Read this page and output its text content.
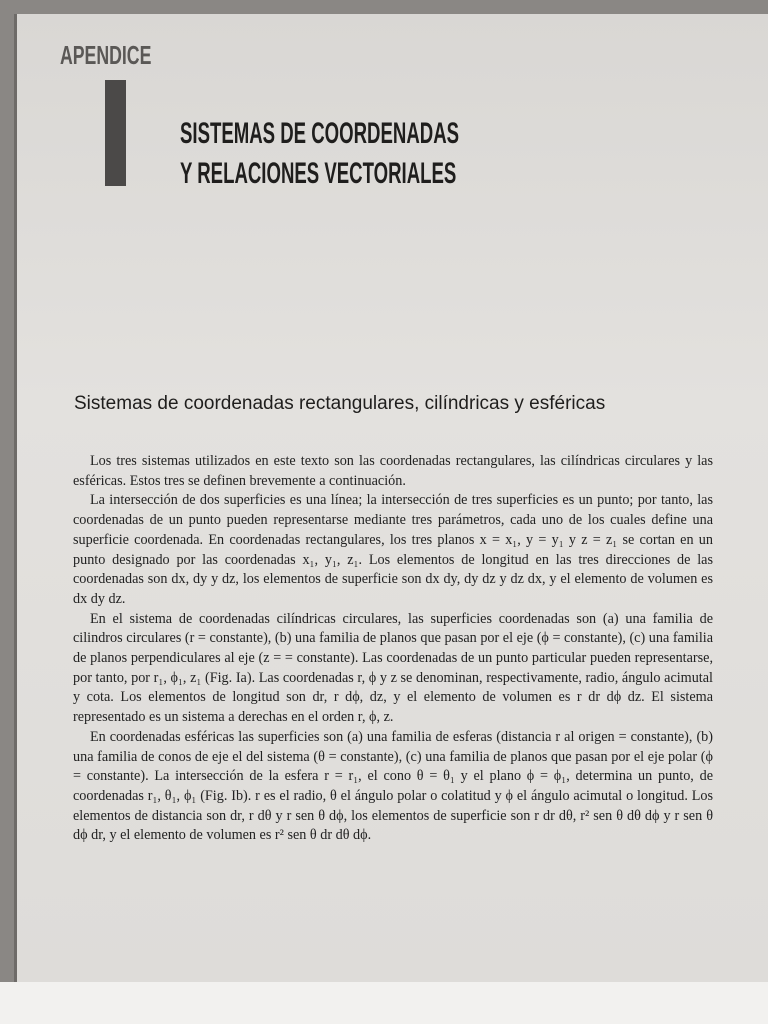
APENDICE
SISTEMAS DE COORDENADAS
Y RELACIONES VECTORIALES
Sistemas de coordenadas rectangulares, cilíndricas y esféricas

Los tres sistemas utilizados en este texto son las coordenadas rectangulares, las cilíndricas circulares y las esféricas. Estos tres se definen brevemente a continuación.

La intersección de dos superficies es una línea; la intersección de tres superficies es un punto; por tanto, las coordenadas de un punto pueden representarse mediante tres parámetros, cada uno de los cuales define una superficie coordenada. En coordenadas rectangulares, los tres planos x = x₁, y = y₁ y z = z₁ se cortan en un punto designado por las coordenadas x₁, y₁, z₁. Los elementos de longitud en las tres direcciones de las coordenadas son dx, dy y dz, los elementos de superficie son dx dy, dy dz y dz dx, y el elemento de volumen es dx dy dz.

En el sistema de coordenadas cilíndricas circulares, las superficies coordenadas son (a) una familia de cilindros circulares (r = constante), (b) una familia de planos que pasan por el eje (ϕ = constante), (c) una familia de planos perpendiculares al eje (z = = constante). Las coordenadas de un punto particular pueden representarse, por tanto, por r₁, ϕ₁, z₁ (Fig. Ia). Las coordenadas r, ϕ y z se denominan, respectivamente, radio, ángulo acimutal y cota. Los elementos de longitud son dr, r dϕ, dz, y el elemento de volumen es r dr dϕ dz. El sistema representado es un sistema a derechas en el orden r, ϕ, z.

En coordenadas esféricas las superficies son (a) una familia de esferas (distancia r al origen = constante), (b) una familia de conos de eje el del sistema (θ = constante), (c) una familia de planos que pasan por el eje polar (ϕ = constante). La intersección de la esfera r = r₁, el cono θ = θ₁ y el plano ϕ = ϕ₁, determina un punto, de coordenadas r₁, θ₁, ϕ₁ (Fig. Ib). r es el radio, θ el ángulo polar o colatitud y ϕ el ángulo acimutal o longitud. Los elementos de distancia son dr, r dθ y r sen θ dϕ, los elementos de superficie son r dr dθ, r² sen θ dθ dϕ y r sen θ dϕ dr, y el elemento de volumen es r² sen θ dr dθ dϕ.
